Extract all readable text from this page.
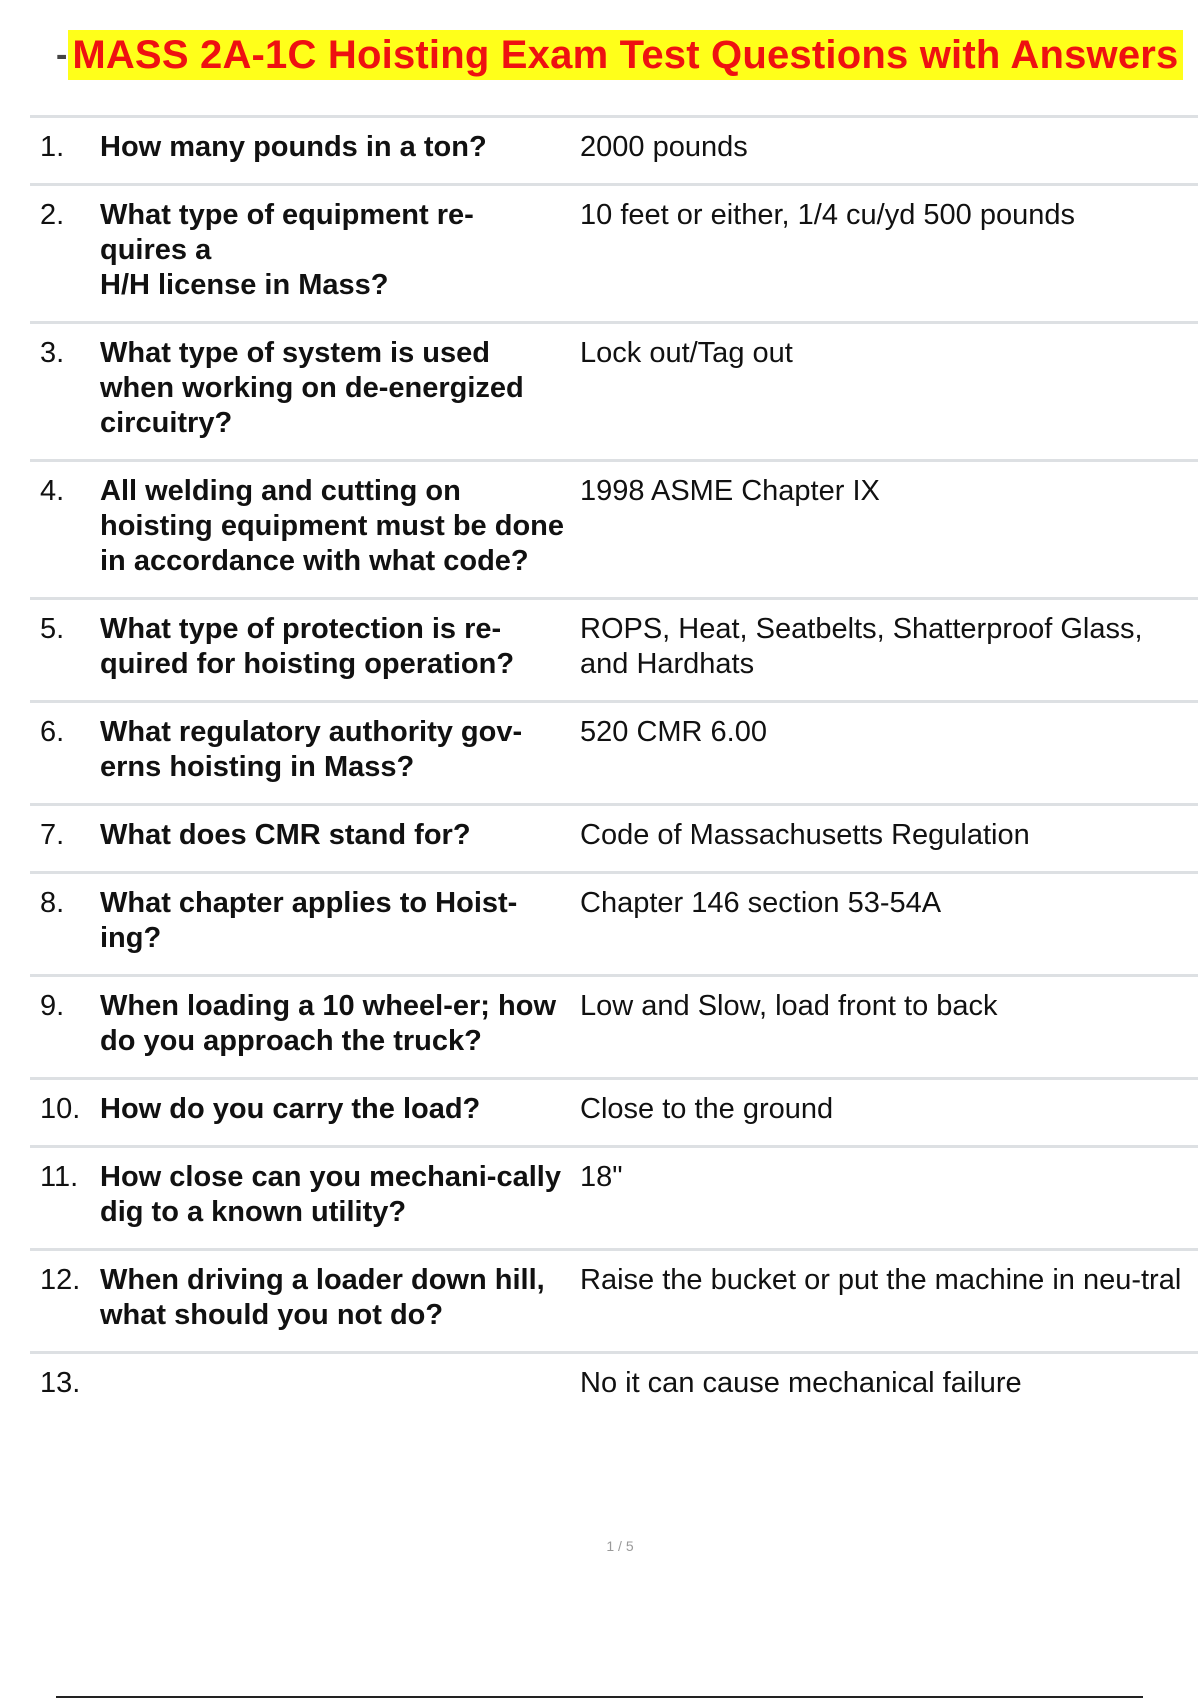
- MASS 2A-1C Hoisting Exam Test Questions with Answers
1.	How many pounds in a ton?	2000 pounds
2.	What type of equipment re-
quires a
H/H license in Mass?	10 feet or either, 1/4 cu/yd 500 pounds
3.	What type of system is used when working on de-energized circuitry?	Lock out/Tag out
4.	All welding and cutting on hoisting equipment must be done in accordance with what code?	1998 ASME Chapter IX
5.	What type of protection is re-quired for hoisting operation?	ROPS, Heat, Seatbelts, Shatterproof Glass, and Hardhats
6.	What regulatory authority gov-erns hoisting in Mass?	520 CMR 6.00
7.	What does CMR stand for?	Code of Massachusetts Regulation
8.	What chapter applies to Hoist-ing?	Chapter 146 section 53-54A
9.	When loading a 10 wheel-er; how do you approach the truck?	Low and Slow, load front to back
10.	How do you carry the load?	Close to the ground
11.	How close can you mechani-cally dig to a known utility?	18"
12.	When driving a loader down hill, what should you not do?	Raise the bucket or put the machine in neu-tral
13.		No it can cause mechanical failure
1 / 5
